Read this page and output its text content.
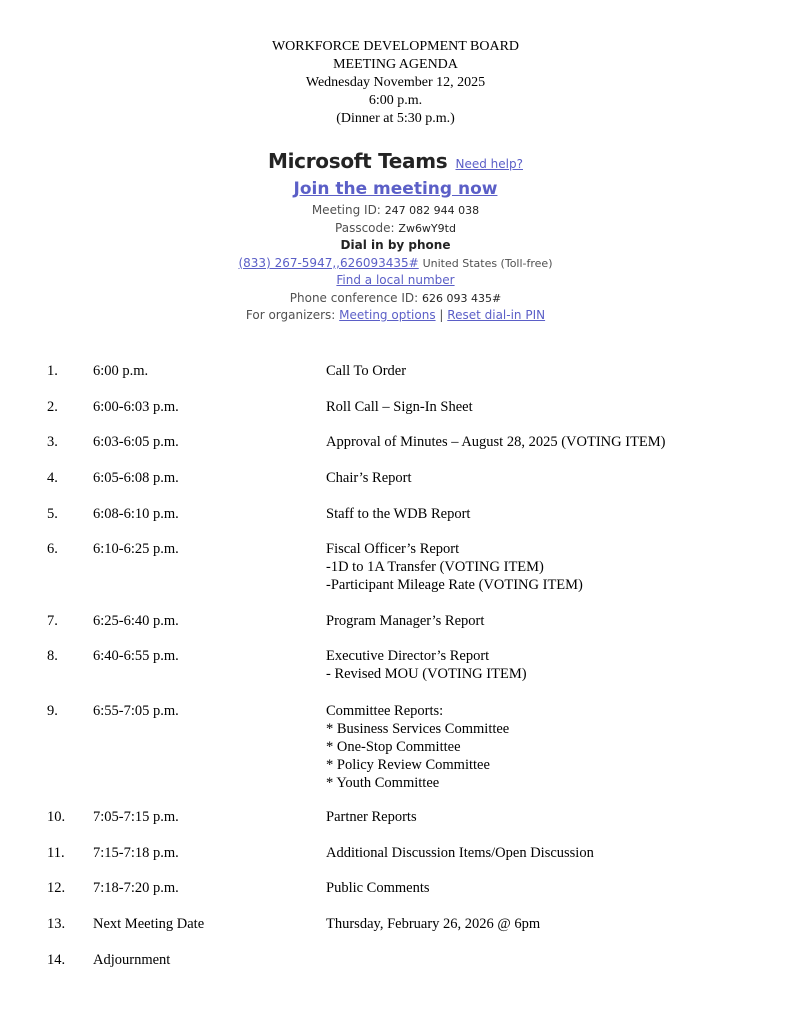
WORKFORCE DEVELOPMENT BOARD
MEETING AGENDA
Wednesday November 12, 2025
6:00 p.m.
(Dinner at 5:30 p.m.)
Microsoft Teams Need help?
Join the meeting now
Meeting ID: 247 082 944 038
Passcode: Zw6wY9td
Dial in by phone
(833) 267-5947,,626093435# United States (Toll-free)
Find a local number
Phone conference ID: 626 093 435#
For organizers: Meeting options | Reset dial-in PIN
1. 6:00 p.m.	Call To Order
2. 6:00-6:03 p.m.	Roll Call – Sign-In Sheet
3. 6:03-6:05 p.m.	Approval of Minutes – August 28, 2025 (VOTING ITEM)
4. 6:05-6:08 p.m.	Chair’s Report
5. 6:08-6:10 p.m.	Staff to the WDB Report
6. 6:10-6:25 p.m.	Fiscal Officer’s Report
-1D to 1A Transfer (VOTING ITEM)
-Participant Mileage Rate (VOTING ITEM)
7. 6:25-6:40 p.m.	Program Manager’s Report
8. 6:40-6:55 p.m.	Executive Director’s Report
- Revised MOU (VOTING ITEM)
9. 6:55-7:05 p.m.	Committee Reports:
* Business Services Committee
* One-Stop Committee
* Policy Review Committee
* Youth Committee
10. 7:05-7:15 p.m.	Partner Reports
11. 7:15-7:18 p.m.	Additional Discussion Items/Open Discussion
12. 7:18-7:20 p.m.	Public Comments
13. Next Meeting Date	Thursday, February 26, 2026 @ 6pm
14. Adjournment
